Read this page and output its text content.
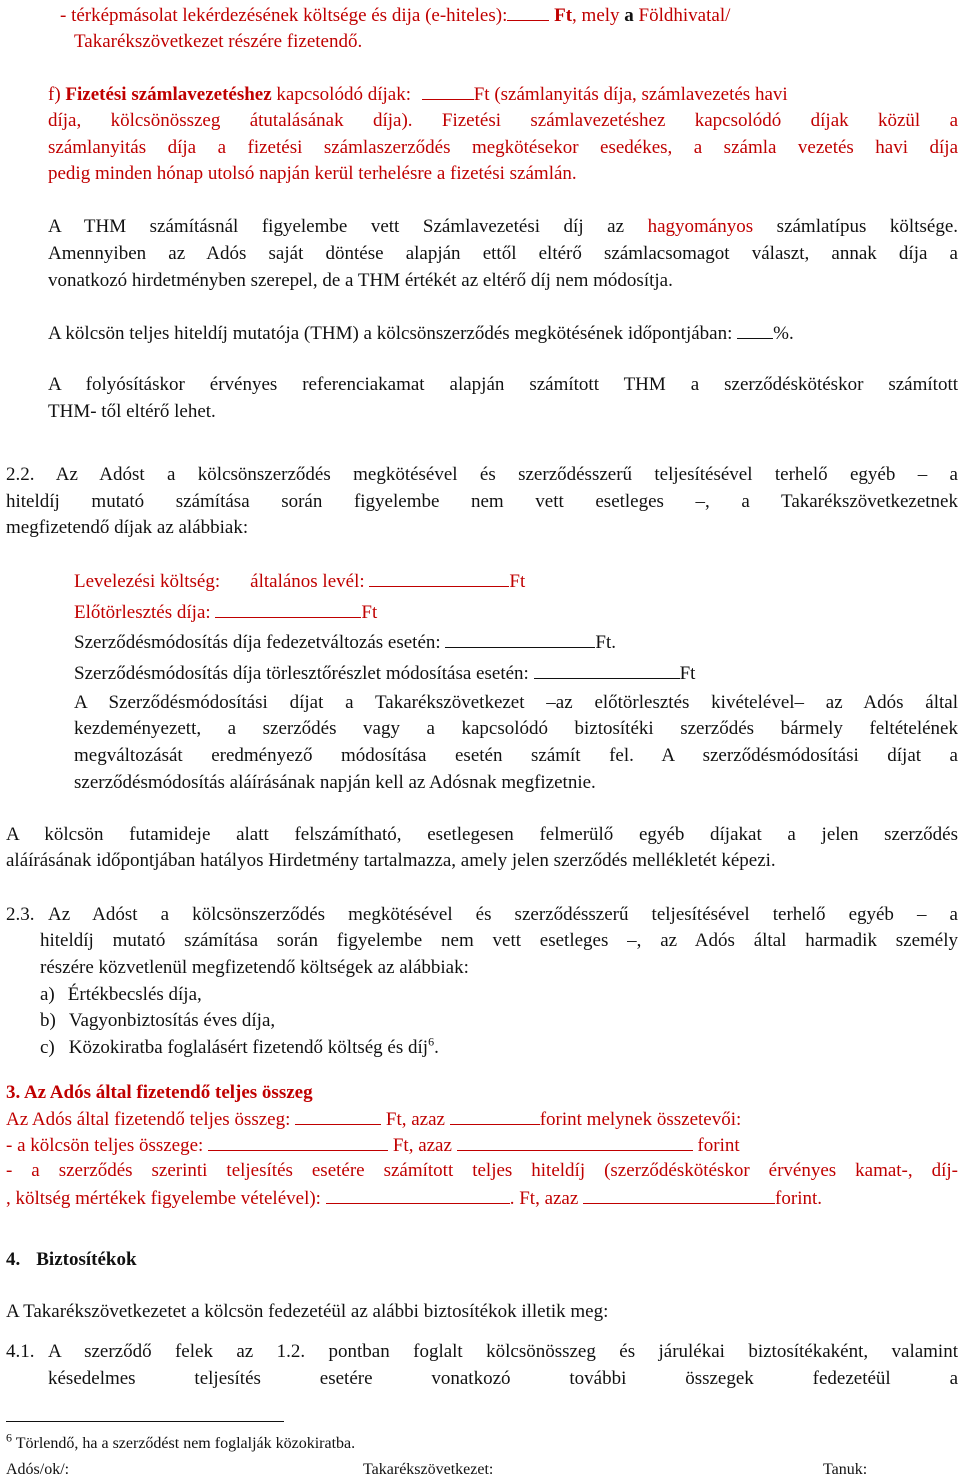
- térképmásolat lekérdezésének költsége és dija (e-hiteles): Ft, mely a Földhivatal/
Takarékszövetkezet részére fizetendő.
f) Fizetési számlavezetéshez kapcsolódó díjak:	Ft (számlanyitás díja, számlavezetés havi
díja, kölcsönösszeg átutalásának díja). Fizetési számlavezetéshez kapcsolódó díjak közül a
számlanyitás díja a fizetési számlaszerződés megkötésekor esedékes, a számla vezetés havi díja
pedig minden hónap utolsó napján kerül terhelésre a fizetési számlán.
A THM számításnál figyelembe vett Számlavezetési díj az hagyományos számlatípus költsége.
Amennyiben az Adós saját döntése alapján ettől eltérő számlacsomagot választ, annak díja a
vonatkozó hirdetményben szerepel, de a THM értékét az eltérő díj nem módosítja.
A kölcsön teljes hiteldíj mutatója (THM) a kölcsönszerződés megkötésének időpontjában: %.
A folyósításkor érvényes referenciakamat alapján számított THM a szerződéskötéskor számított
THM- től eltérő lehet.
2.2. Az Adóst a kölcsönszerződés megkötésével és szerződésszerű teljesítésével terhelő egyéb – a
hiteldíj mutató számítása során figyelembe nem vett esetleges –, a Takarékszövetkezetnek
megfizetendő díjak az alábbiak:
Levelezési költség: általános levél:	Ft
Előtörlesztés díja:	Ft
Szerződésmódosítás díja fedezetváltozás esetén:	Ft.
Szerződésmódosítás díja törlesztőrészlet módosítása esetén:	Ft
A Szerződésmódosítási díjat a Takarékszövetkezet –az előtörlesztés kivételével– az Adós által
kezdeményezett, a szerződés vagy a kapcsolódó biztosítéki szerződés bármely feltételének
megváltozását eredményező módosítása esetén számít fel. A szerződésmódosítási díjat a
szerződésmódosítás aláírásának napján kell az Adósnak megfizetnie.
A kölcsön futamideje alatt felszámítható, esetlegesen felmerülő egyéb díjakat a jelen szerződés
aláírásának időpontjában hatályos Hirdetmény tartalmazza, amely jelen szerződés mellékletét képezi.
2.3. Az Adóst a kölcsönszerződés megkötésével és szerződésszerű teljesítésével terhelő egyéb – a
hiteldíj mutató számítása során figyelembe nem vett esetleges –, az Adós által harmadik személy
részére közvetlenül megfizetendő költségek az alábbiak:
a) Értékbecslés díja,
b) Vagyonbiztosítás éves díja,
c) Közokiratba foglalásért fizetendő költség és díj$^6$.
3. Az Adós által fizetendő teljes összeg
Az Adós által fizetendő teljes összeg:	Ft, azaz	forint melynek összetevői:
- a kölcsön teljes összege:	Ft, azaz	forint
- a szerződés szerinti teljesítés esetére számított teljes hiteldíj (szerződéskötéskor érvényes kamat-, díj-
, költség mértékek figyelembe vételével):	. Ft, azaz	forint.
4. Biztosítékok
A Takarékszövetkezetet a kölcsön fedezetéül az alábbi biztosítékok illetik meg:
4.1. A szerződő felek az 1.2. pontban foglalt kölcsönösszeg és járulékai biztosítékaként, valamint
késedelmes teljesítés esetére vonatkozó további összegek fedezetéül a
$^6$ Törlendő, ha a szerződést nem foglalják közokiratba.
Adós/ok/:	Takarékszövetkezet:	Tanuk:
